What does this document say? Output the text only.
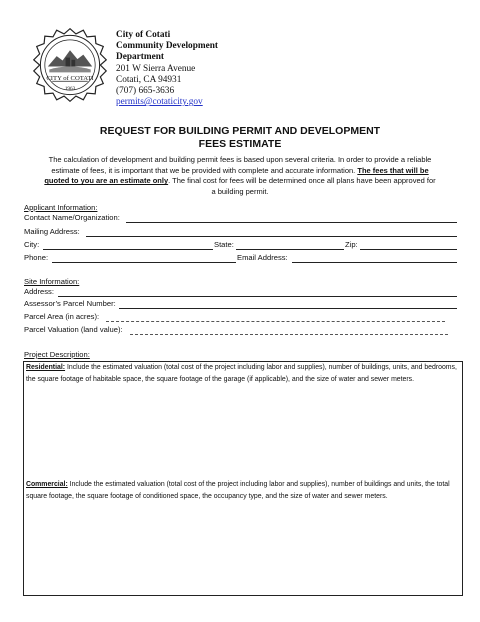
CITY of COTATI
1963
City of Cotati
Community Development
Department
201 W Sierra Avenue
Cotati, CA 94931
(707) 665-3636
permits@cotaticity.gov
REQUEST FOR BUILDING PERMIT AND DEVELOPMENT
FEES ESTIMATE
The calculation of development and building permit fees is based upon several criteria. In order to provide a reliable estimate of fees, it is important that we be provided with complete and accurate information. The fees that will be quoted to you are an estimate only. The final cost for fees will be determined once all plans have been approved for a building permit.
Applicant Information:
Contact Name/Organization:
Mailing Address:
City:	State:	Zip:
Phone:	Email Address:
Site Information:
Address:
Assessor’s Parcel Number:
Parcel Area (in acres):
Parcel Valuation (land value):
Project Description:
Residential: Include the estimated valuation (total cost of the project including labor and supplies), number of buildings, units, and bedrooms, the square footage of habitable space, the square footage of the garage (if applicable), and the size of water and sewer meters.
Commercial: Include the estimated valuation (total cost of the project including labor and supplies), number of buildings and units, the total square footage, the square footage of conditioned space, the occupancy type, and the size of water and sewer meters.
